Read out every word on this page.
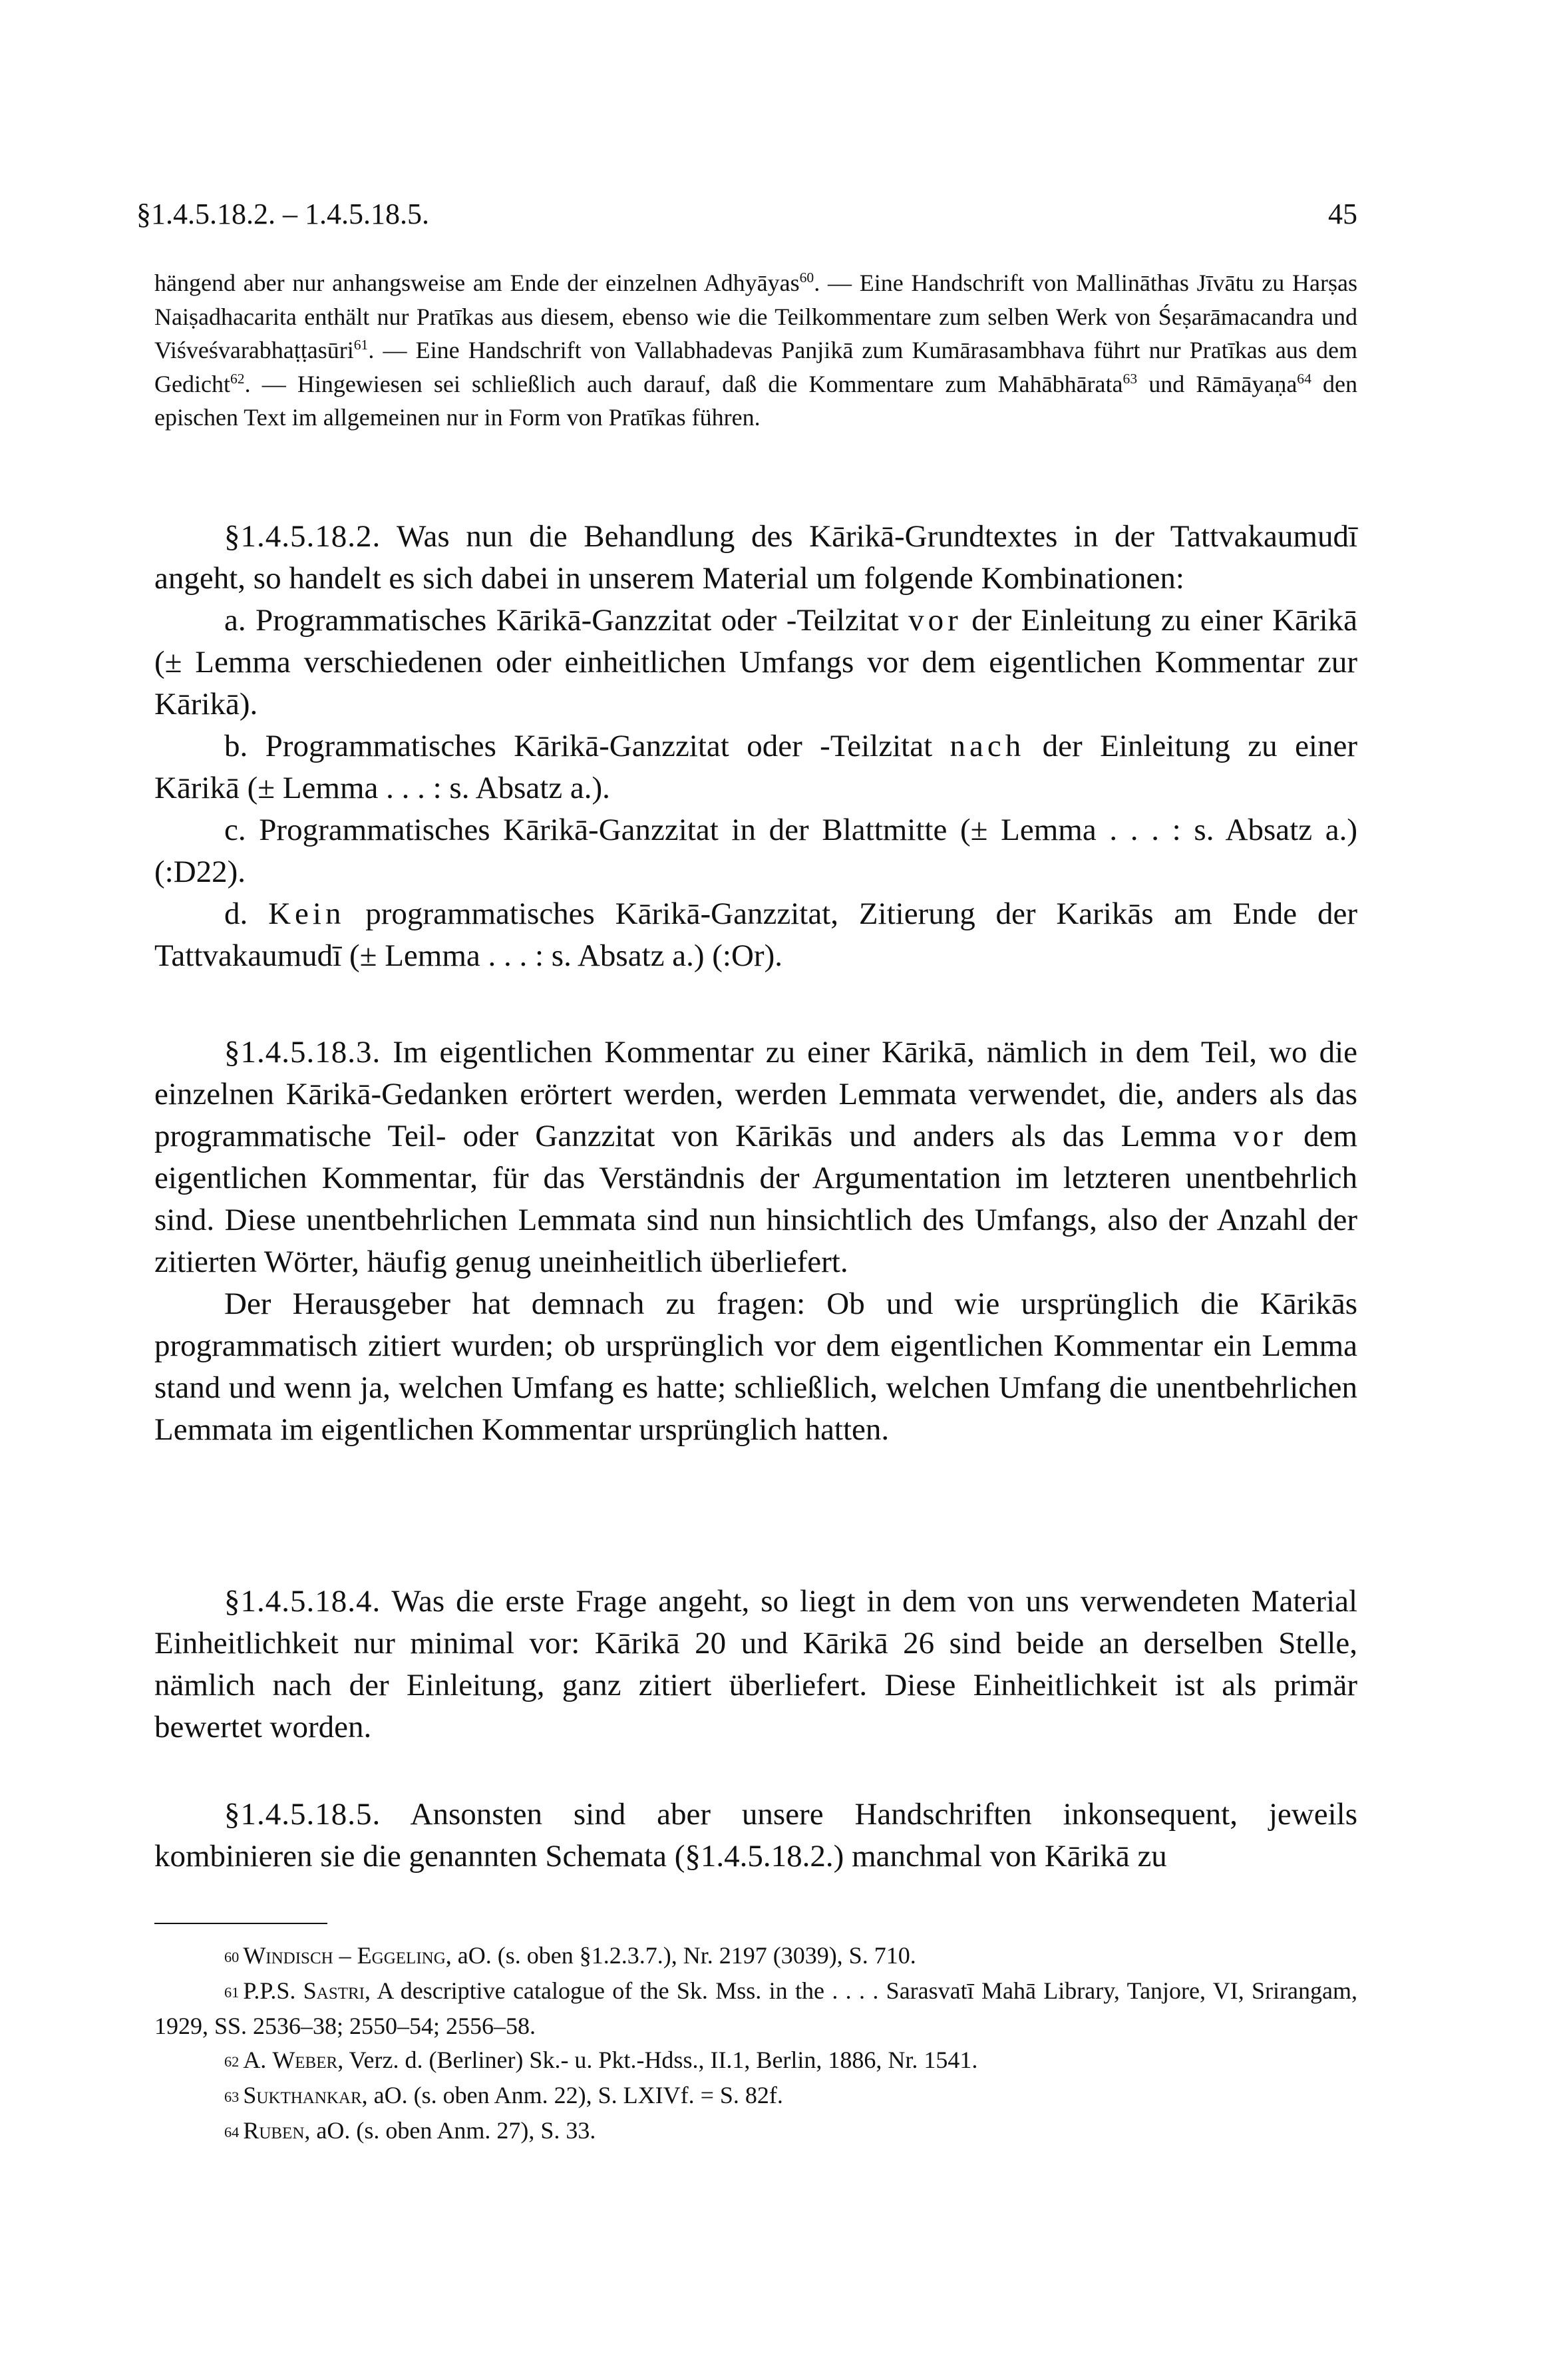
§1.4.5.18.2. – 1.4.5.18.5.	45
hängend aber nur anhangsweise am Ende der einzelnen Adhyāyas$^{60}$. — Eine Handschrift von Mallināthas Jīvātu zu Harṣas Naiṣadhacarita enthält nur Pratīkas aus diesem, ebenso wie die Teilkommentare zum selben Werk von Śeṣarāmacandra und Viśveśvarabhaṭṭasūri$^{61}$. — Eine Handschrift von Vallabhadevas Panjikā zum Kumārasambhava führt nur Pratīkas aus dem Gedicht$^{62}$. — Hingewiesen sei schließlich auch darauf, daß die Kommentare zum Mahābhārata$^{63}$ und Rāmāyaṇa$^{64}$ den epischen Text im allgemeinen nur in Form von Pratīkas führen.

§1.4.5.18.2. Was nun die Behandlung des Kārikā-Grundtextes in der Tattvakaumudī angeht, so handelt es sich dabei in unserem Material um folgende Kombinationen:

a. Programmatisches Kārikā-Ganzzitat oder -Teilzitat vor der Einleitung zu einer Kārikā (± Lemma verschiedenen oder einheitlichen Umfangs vor dem eigentlichen Kommentar zur Kārikā).

b. Programmatisches Kārikā-Ganzzitat oder -Teilzitat nach der Einleitung zu einer Kārikā (± Lemma . . . : s. Absatz a.).

c. Programmatisches Kārikā-Ganzzitat in der Blattmitte (± Lemma . . . : s. Absatz a.) (:D22).

d. Kein programmatisches Kārikā-Ganzzitat, Zitierung der Karikās am Ende der Tattvakaumudī (± Lemma . . . : s. Absatz a.) (:Or).

§1.4.5.18.3. Im eigentlichen Kommentar zu einer Kārikā, nämlich in dem Teil, wo die einzelnen Kārikā-Gedanken erörtert werden, werden Lemmata verwendet, die, anders als das programmatische Teil- oder Ganzzitat von Kārikās und anders als das Lemma vor dem eigentlichen Kommentar, für das Verständnis der Argumentation im letzteren unentbehrlich sind. Diese unentbehrlichen Lemmata sind nun hinsichtlich des Umfangs, also der Anzahl der zitierten Wörter, häufig genug uneinheitlich überliefert.

Der Herausgeber hat demnach zu fragen: Ob und wie ursprünglich die Kārikās programmatisch zitiert wurden; ob ursprünglich vor dem eigentlichen Kommentar ein Lemma stand und wenn ja, welchen Umfang es hatte; schließlich, welchen Umfang die unentbehrlichen Lemmata im eigentlichen Kommentar ursprünglich hatten.

§1.4.5.18.4. Was die erste Frage angeht, so liegt in dem von uns verwendeten Material Einheitlichkeit nur minimal vor: Kārikā 20 und Kārikā 26 sind beide an derselben Stelle, nämlich nach der Einleitung, ganz zitiert überliefert. Diese Einheitlichkeit ist als primär bewertet worden.

§1.4.5.18.5. Ansonsten sind aber unsere Handschriften inkonsequent, jeweils kombinieren sie die genannten Schemata (§1.4.5.18.2.) manchmal von Kārikā zu

60 Windisch – Eggeling, aO. (s. oben §1.2.3.7.), Nr. 2197 (3039), S. 710.

61 P.P.S. Sastri, A descriptive catalogue of the Sk. Mss. in the . . . . Sarasvatī Mahā Library, Tanjore, VI, Srirangam, 1929, SS. 2536–38; 2550–54; 2556–58.

62 A. Weber, Verz. d. (Berliner) Sk.- u. Pkt.-Hdss., II.1, Berlin, 1886, Nr. 1541.

63 Sukthankar, aO. (s. oben Anm. 22), S. LXIVf. = S. 82f.

64 Ruben, aO. (s. oben Anm. 27), S. 33.
